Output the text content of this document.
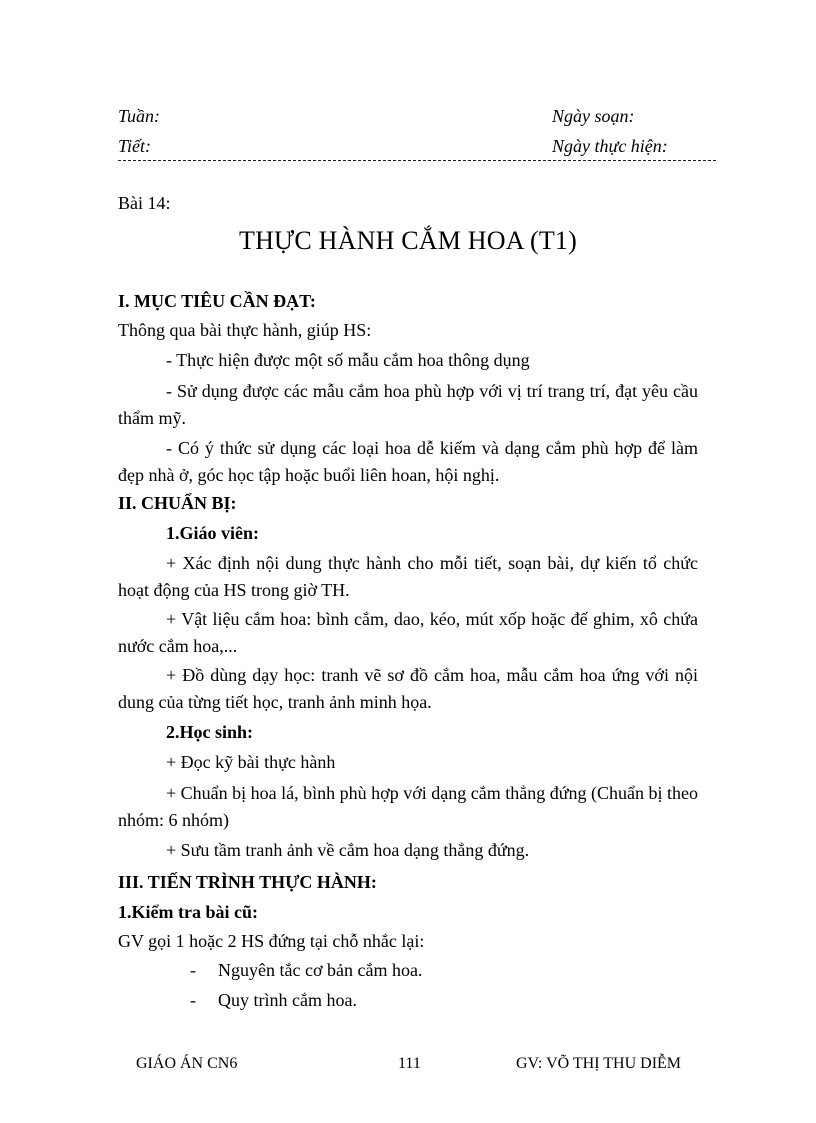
Tuần:	Ngày soạn:
Tiết:	Ngày thực hiện:
Bài 14:
THỰC HÀNH CẮM HOA (T1)
I. MỤC TIÊU CẦN ĐẠT:
Thông qua bài thực hành, giúp HS:
- Thực hiện được một số mẫu cắm hoa thông dụng
- Sử dụng được các mẫu cắm hoa phù hợp với vị trí trang trí, đạt yêu cầu thẩm mỹ.
- Có ý thức sử dụng các loại hoa dễ kiếm và dạng cắm phù hợp để làm đẹp nhà ở, góc học tập hoặc buổi liên hoan, hội nghị.
II. CHUẨN BỊ:
1.Giáo viên:
+ Xác định nội dung thực hành cho mỗi tiết, soạn bài, dự kiến tổ chức hoạt động của HS trong giờ TH.
+ Vật liệu cắm hoa: bình cắm, dao, kéo, mút xốp hoặc đế ghim, xô chứa nước cắm hoa,...
+ Đồ dùng dạy học: tranh vẽ sơ đồ cắm hoa, mẫu cắm hoa ứng với nội dung của từng tiết học, tranh ảnh minh họa.
2.Học sinh:
+ Đọc kỹ bài thực hành
+ Chuẩn bị hoa lá, bình phù hợp với dạng cắm thẳng đứng (Chuẩn bị theo nhóm: 6 nhóm)
+ Sưu tầm tranh ảnh về cắm hoa dạng thẳng đứng.
III. TIẾN TRÌNH THỰC HÀNH:
1.Kiểm tra bài cũ:
GV gọi 1 hoặc 2 HS đứng tại chỗ nhắc lại:
- Nguyên tắc cơ bản cắm hoa.
- Quy trình cắm hoa.
GIÁO ÁN CN6	111	GV: VÕ THỊ THU DIỄM
